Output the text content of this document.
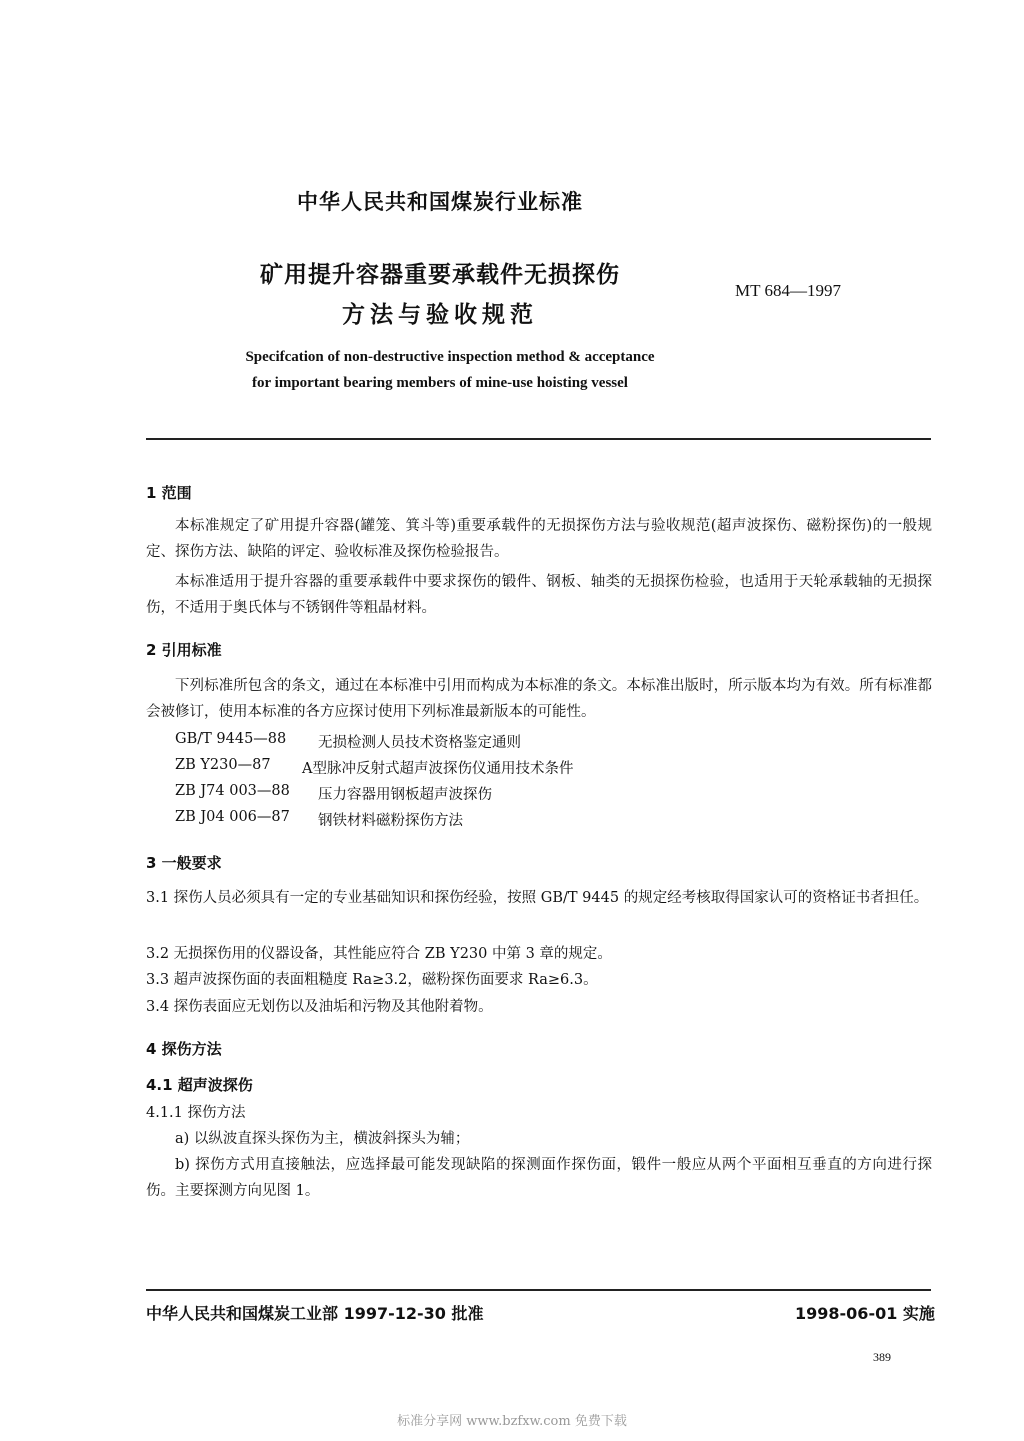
中华人民共和国煤炭行业标准
矿用提升容器重要承载件无损探伤
方法与验收规范
MT 684—1997
Specifcation of non-destructive inspection method & acceptance
for important bearing members of mine-use hoisting vessel
1 范围
本标准规定了矿用提升容器(罐笼、箕斗等)重要承载件的无损探伤方法与验收规范(超声波探伤、磁粉探伤)的一般规定、探伤方法、缺陷的评定、验收标准及探伤检验报告。
本标准适用于提升容器的重要承载件中要求探伤的锻件、钢板、轴类的无损探伤检验，也适用于天轮承载轴的无损探伤，不适用于奥氏体与不锈钢件等粗晶材料。
2 引用标准
下列标准所包含的条文，通过在本标准中引用而构成为本标准的条文。本标准出版时，所示版本均为有效。所有标准都会被修订，使用本标准的各方应探讨使用下列标准最新版本的可能性。
GB/T 9445—88 无损检测人员技术资格鉴定通则
ZB Y230—87 A型脉冲反射式超声波探伤仪通用技术条件
ZB J74 003—88 压力容器用钢板超声波探伤
ZB J04 006—87 钢铁材料磁粉探伤方法
3 一般要求
3.1 探伤人员必须具有一定的专业基础知识和探伤经验，按照 GB/T 9445 的规定经考核取得国家认可的资格证书者担任。
3.2 无损探伤用的仪器设备，其性能应符合 ZB Y230 中第 3 章的规定。
3.3 超声波探伤面的表面粗糙度 Ra≥3.2，磁粉探伤面要求 Ra≥6.3。
3.4 探伤表面应无划伤以及油垢和污物及其他附着物。
4 探伤方法
4.1 超声波探伤
4.1.1 探伤方法
a) 以纵波直探头探伤为主，横波斜探头为辅；
b) 探伤方式用直接触法，应选择最可能发现缺陷的探测面作探伤面，锻件一般应从两个平面相互垂直的方向进行探伤。主要探测方向见图 1。
中华人民共和国煤炭工业部 1997-12-30 批准	1998-06-01 实施
389
标准分享网 www.bzfxw.com 免费下载
